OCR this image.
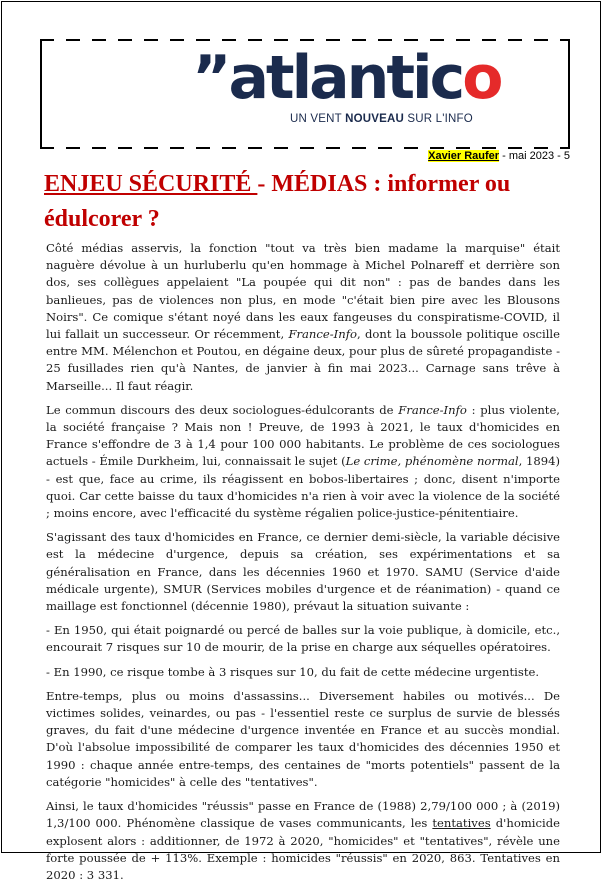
”atlantico
UN VENT NOUVEAU SUR L'INFO
Xavier Raufer - mai 2023 - 5
ENJEU SÉCURITÉ - MÉDIAS : informer ou édulcorer ?

Côté médias asservis, la fonction "tout va très bien madame la marquise" était naguère dévolue à un hurluberlu qu'en hommage à Michel Polnareff et derrière son dos, ses collègues appelaient "La poupée qui dit non" : pas de bandes dans les banlieues, pas de violences non plus, en mode "c'était bien pire avec les Blousons Noirs". Ce comique s'étant noyé dans les eaux fangeuses du conspiratisme-COVID, il lui fallait un successeur. Or récemment, France-Info, dont la boussole politique oscille entre MM. Mélenchon et Poutou, en dégaine deux, pour plus de sûreté propagandiste - 25 fusillades rien qu'à Nantes, de janvier à fin mai 2023... Carnage sans trêve à Marseille... Il faut réagir.

Le commun discours des deux sociologues-édulcorants de France-Info : plus violente, la société française ? Mais non ! Preuve, de 1993 à 2021, le taux d'homicides en France s'effondre de 3 à 1,4 pour 100 000 habitants. Le problème de ces sociologues actuels - Émile Durkheim, lui, connaissait le sujet (Le crime, phénomène normal, 1894) - est que, face au crime, ils réagissent en bobos-libertaires ; donc, disent n'importe quoi. Car cette baisse du taux d'homicides n'a rien à voir avec la violence de la société ; moins encore, avec l'efficacité du système régalien police-justice-pénitentiaire.

S'agissant des taux d'homicides en France, ce dernier demi-siècle, la variable décisive est la médecine d'urgence, depuis sa création, ses expérimentations et sa généralisation en France, dans les décennies 1960 et 1970. SAMU (Service d'aide médicale urgente), SMUR (Services mobiles d'urgence et de réanimation) - quand ce maillage est fonctionnel (décennie 1980), prévaut la situation suivante :

- En 1950, qui était poignardé ou percé de balles sur la voie publique, à domicile, etc., encourait 7 risques sur 10 de mourir, de la prise en charge aux séquelles opératoires.

- En 1990, ce risque tombe à 3 risques sur 10, du fait de cette médecine urgentiste.

Entre-temps, plus ou moins d'assassins... Diversement habiles ou motivés... De victimes solides, veinardes, ou pas - l'essentiel reste ce surplus de survie de blessés graves, du fait d'une médecine d'urgence inventée en France et au succès mondial. D'où l'absolue impossibilité de comparer les taux d'homicides des décennies 1950 et 1990 : chaque année entre-temps, des centaines de "morts potentiels" passent de la catégorie "homicides" à celle des "tentatives".

Ainsi, le taux d'homicides "réussis" passe en France de (1988) 2,79/100 000 ; à (2019) 1,3/100 000. Phénomène classique de vases communicants, les tentatives d'homicide explosent alors : additionner, de 1972 à 2020, "homicides" et "tentatives", révèle une forte poussée de + 113%. Exemple : homicides "réussis" en 2020, 863. Tentatives en 2020 : 3 331.
